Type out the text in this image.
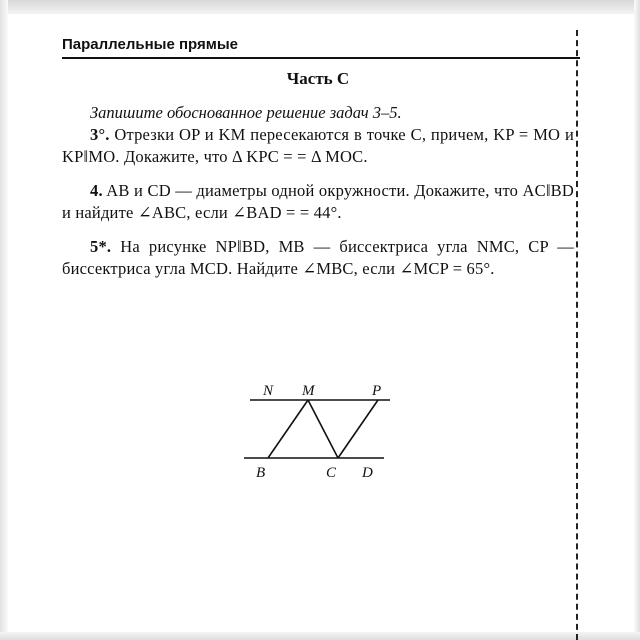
Параллельные прямые
Часть С

Запишите обоснованное решение задач 3–5.

3°. Отрезки OP и KM пересекаются в точке C, причем, KP = MO и KP‖MO. Докажите, что Δ KPC = = Δ MOC.

4. AB и CD — диаметры одной окружности. Докажите, что AC‖BD и найдите ∠ABC, если ∠BAD = = 44°.

5*. На рисунке NP‖BD, MB — биссектриса угла NMC, CP — биссектриса угла MCD. Найдите ∠MBC, если ∠MCP = 65°.

N M	P
B	C D
